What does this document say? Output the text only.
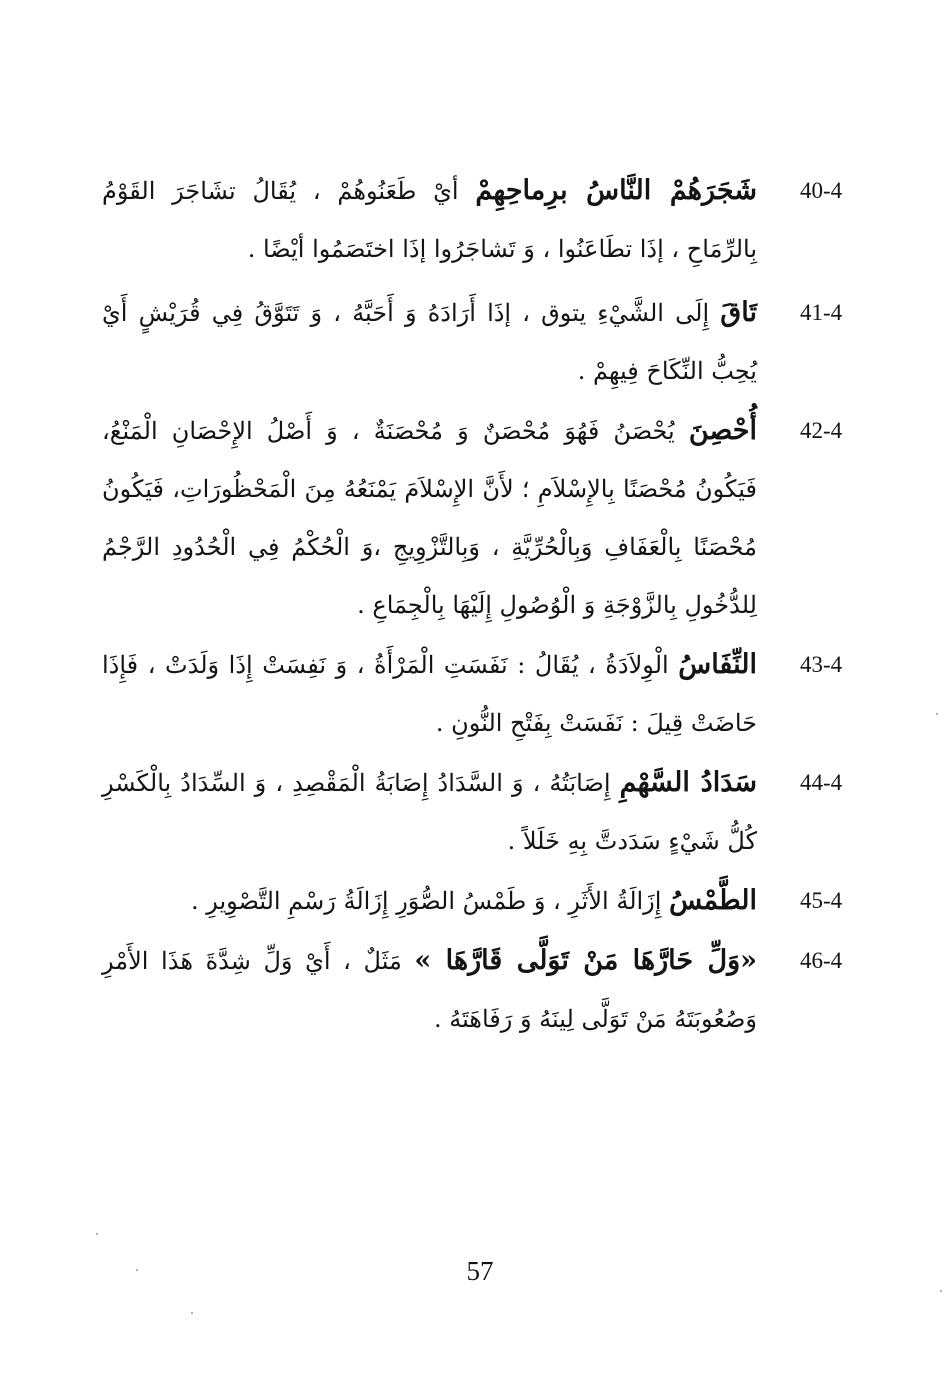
40-4
شَجَرَهُمْ النَّاسُ برِماحِهِمْ أيْ طَعَنُوهُمْ ، يُقَالُ تشَاجَرَ القَوْمُ بِالرِّمَاحِ ، إذَا تطَاعَنُوا ، وَ تَشاجَرُوا إذَا اختَصَمُوا أيْضًا .
41-4
تَاقَ إِلَى الشَّيْءِ يتوق ، إذَا أَرَادَهُ وَ أَحَبَّهُ ، وَ تَتَوَّقُ فِي قُرَيْشٍ أَيْ يُحِبُّ النِّكَاحَ فِيهِمْ .
42-4
أُحْصِنَ يُحْصَنُ فَهُوَ مُحْصَنٌ وَ مُحْصَنَةٌ ، وَ أَصْلُ الإِحْصَانِ الْمَنْعُ، فَيَكُونُ مُحْصَنًا بِالإِسْلاَمِ ؛ لأَنَّ الإِسْلاَمَ يَمْنَعُهُ مِنَ الْمَحْظُورَاتِ، فَيَكُونُ مُحْصَنًا بِالْعَفَافِ وَبِالْحُرِّيَّةِ ، وَبِالتَّزْوِيجِ ،وَ الْحُكْمُ فِي الْحُدُودِ الرَّجْمُ لِلدُّخُولِ بِالزَّوْجَةِ وَ الْوُصُولِ إِلَيْهَا بِالْجِمَاعِ .
43-4
النِّفَاسُ الْوِلاَدَةُ ، يُقَالُ : نَفَسَتِ الْمَرْأَةُ ، وَ نَفِسَتْ إِذَا وَلَدَتْ ، فَإِذَا حَاضَتْ قِيلَ : نَفَسَتْ بِفَتْحِ النُّونِ .
44-4
سَدَادُ السَّهْمِ إِصَابَتُهُ ، وَ السَّدَادُ إِصَابَةُ الْمَقْصِدِ ، وَ السِّدَادُ بِالْكَسْرِ كُلُّ شَيْءٍ سَدَدتَّ بِهِ خَلَلاً .
45-4
الطَّمْسُ إِزَالَةُ الأَثَرِ ، وَ طَمْسُ الصُّوَرِ إِزَالَةُ رَسْمِ التَّصْوِيرِ .
46-4
«وَلِّ حَارَّهَا مَنْ تَوَلَّى قَارَّهَا » مَثَلٌ ، أَيْ وَلِّ شِدَّةَ هَذَا الأَمْرِ وَصُعُوبَتَهُ مَنْ تَوَلَّى لِينَهُ وَ رَفَاهَتَهُ .
57
